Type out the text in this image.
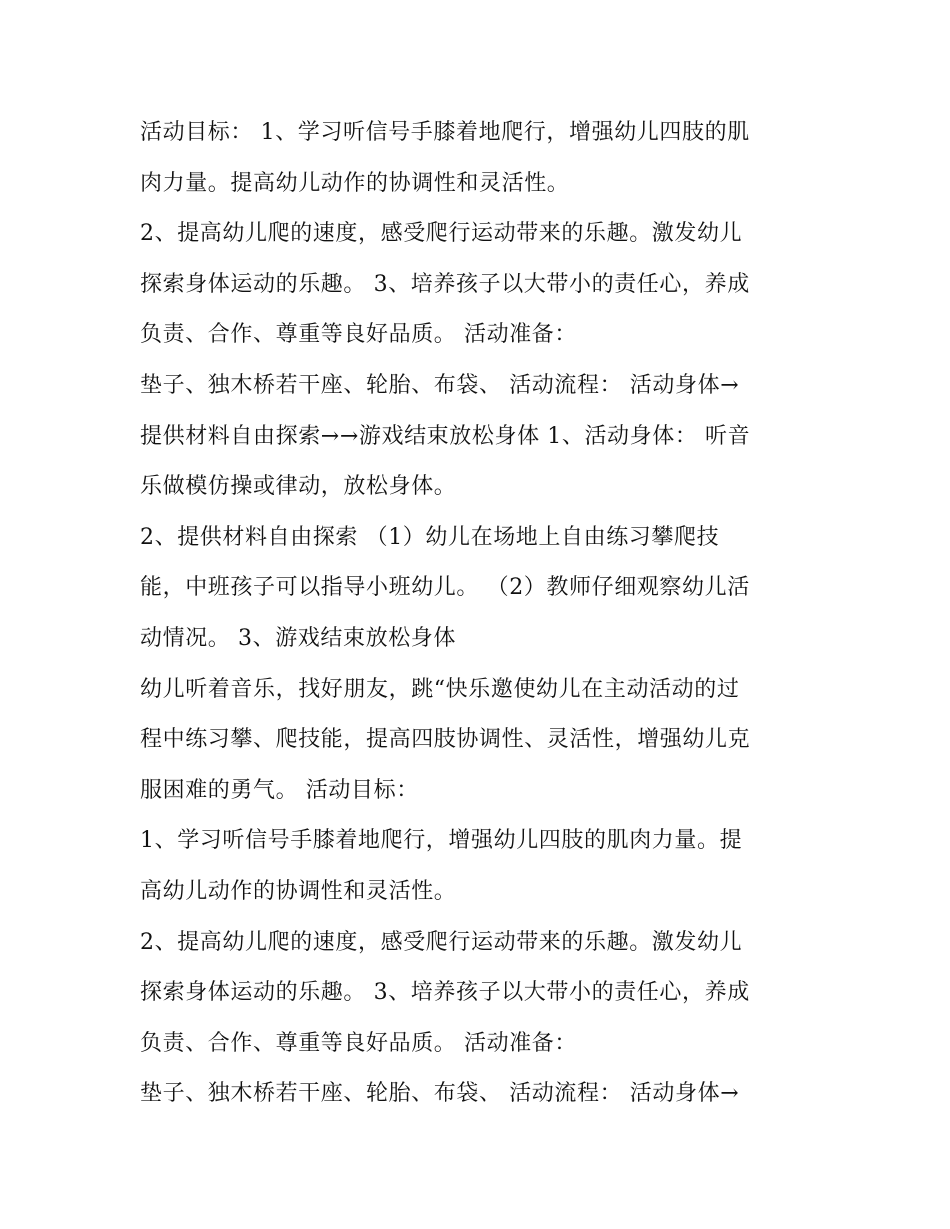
活动目标： 1、学习听信号手膝着地爬行，增强幼儿四肢的肌
肉力量。提高幼儿动作的协调性和灵活性。
2、提高幼儿爬的速度，感受爬行运动带来的乐趣。激发幼儿
探索身体运动的乐趣。 3、培养孩子以大带小的责任心，养成
负责、合作、尊重等良好品质。 活动准备：
垫子、独木桥若干座、轮胎、布袋、 活动流程： 活动身体→
提供材料自由探索→→游戏结束放松身体 1、活动身体： 听音
乐做模仿操或律动，放松身体。
2、提供材料自由探索 （1）幼儿在场地上自由练习攀爬技
能，中班孩子可以指导小班幼儿。 （2）教师仔细观察幼儿活
动情况。 3、游戏结束放松身体
幼儿听着音乐，找好朋友，跳“快乐邀使幼儿在主动活动的过
程中练习攀、爬技能，提高四肢协调性、灵活性，增强幼儿克
服困难的勇气。 活动目标：
1、学习听信号手膝着地爬行，增强幼儿四肢的肌肉力量。提
高幼儿动作的协调性和灵活性。
2、提高幼儿爬的速度，感受爬行运动带来的乐趣。激发幼儿
探索身体运动的乐趣。 3、培养孩子以大带小的责任心，养成
负责、合作、尊重等良好品质。 活动准备：
垫子、独木桥若干座、轮胎、布袋、 活动流程： 活动身体→
